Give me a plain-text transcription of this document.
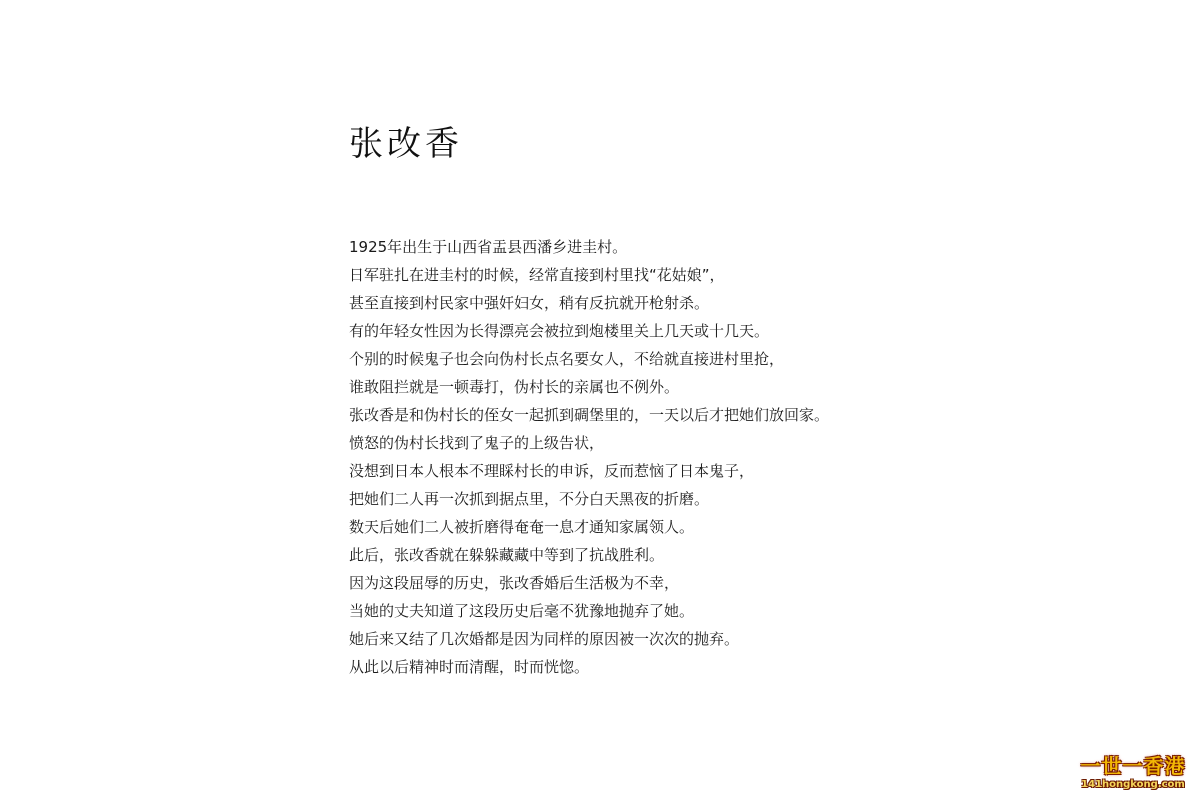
张改香
1925年出生于山西省盂县西潘乡进圭村。
日军驻扎在进圭村的时候，经常直接到村里找“花姑娘”，
甚至直接到村民家中强奸妇女，稍有反抗就开枪射杀。
有的年轻女性因为长得漂亮会被拉到炮楼里关上几天或十几天。
个别的时候鬼子也会向伪村长点名要女人，不给就直接进村里抢，
谁敢阻拦就是一顿毒打，伪村长的亲属也不例外。
张改香是和伪村长的侄女一起抓到碉堡里的，一天以后才把她们放回家。
愤怒的伪村长找到了鬼子的上级告状，
没想到日本人根本不理睬村长的申诉，反而惹恼了日本鬼子，
把她们二人再一次抓到据点里，不分白天黑夜的折磨。
数天后她们二人被折磨得奄奄一息才通知家属领人。
此后，张改香就在躲躲藏藏中等到了抗战胜利。
因为这段屈辱的历史，张改香婚后生活极为不幸，
当她的丈夫知道了这段历史后毫不犹豫地抛弃了她。
她后来又结了几次婚都是因为同样的原因被一次次的抛弃。
从此以后精神时而清醒，时而恍惚。
一世一香港
141hongkong.com
